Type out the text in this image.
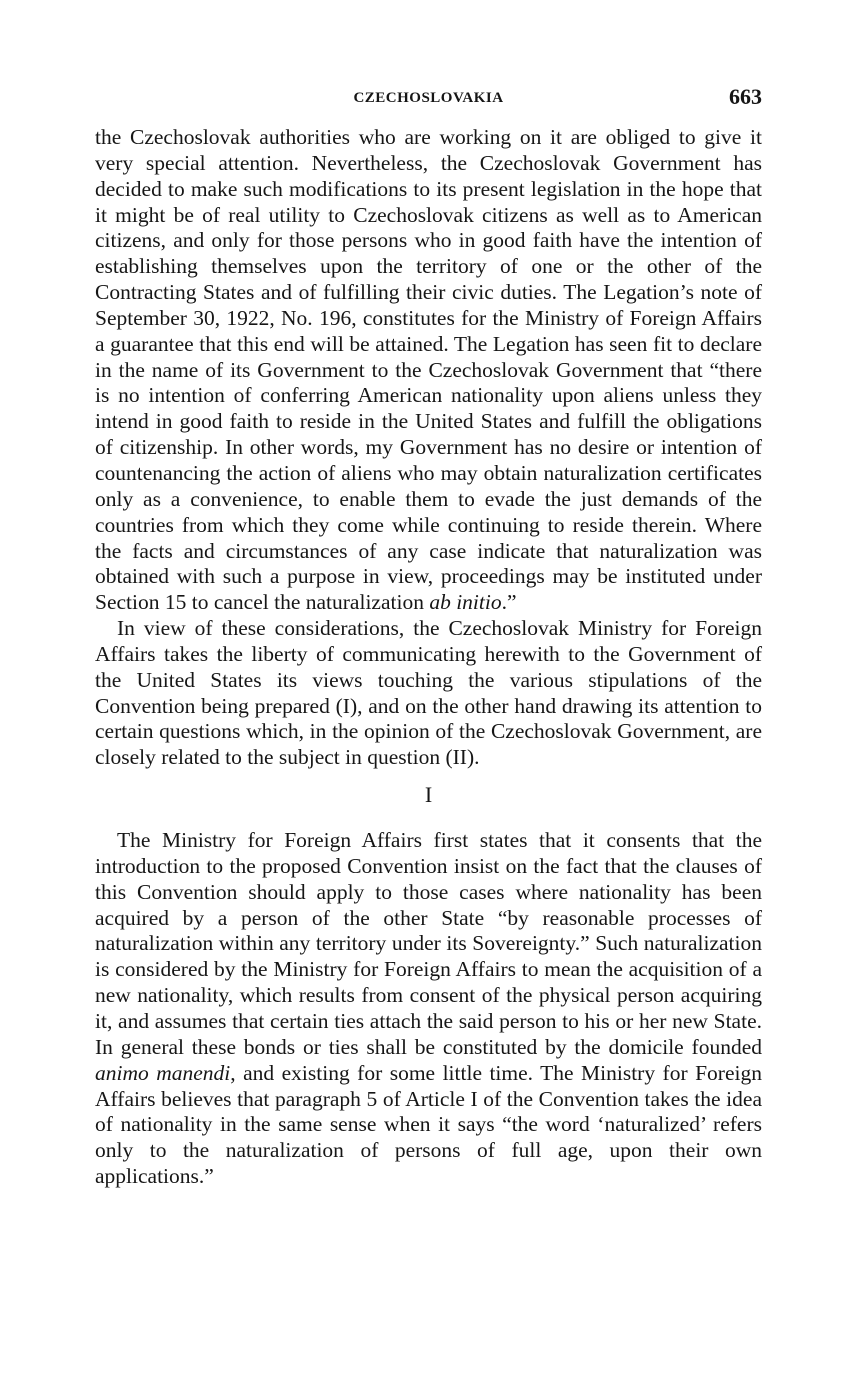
CZECHOSLOVAKIA	663

the Czechoslovak authorities who are working on it are obliged to give it very special attention. Nevertheless, the Czechoslovak Government has decided to make such modifications to its present legislation in the hope that it might be of real utility to Czechoslovak citizens as well as to American citizens, and only for those persons who in good faith have the intention of establishing themselves upon the territory of one or the other of the Contracting States and of fulfilling their civic duties. The Legation’s note of September 30, 1922, No. 196, constitutes for the Ministry of Foreign Affairs a guarantee that this end will be attained. The Legation has seen fit to declare in the name of its Government to the Czechoslovak Government that “there is no intention of conferring American nationality upon aliens unless they intend in good faith to reside in the United States and fulfill the obligations of citizenship. In other words, my Government has no desire or intention of countenancing the action of aliens who may obtain naturalization certificates only as a convenience, to enable them to evade the just demands of the countries from which they come while continuing to reside therein. Where the facts and circumstances of any case indicate that naturalization was obtained with such a purpose in view, proceedings may be instituted under Section 15 to cancel the naturalization ab initio.”

In view of these considerations, the Czechoslovak Ministry for Foreign Affairs takes the liberty of communicating herewith to the Government of the United States its views touching the various stipulations of the Convention being prepared (I), and on the other hand drawing its attention to certain questions which, in the opinion of the Czechoslovak Government, are closely related to the subject in question (II).

I

The Ministry for Foreign Affairs first states that it consents that the introduction to the proposed Convention insist on the fact that the clauses of this Convention should apply to those cases where nationality has been acquired by a person of the other State “by reasonable processes of naturalization within any territory under its Sovereignty.” Such naturalization is considered by the Ministry for Foreign Affairs to mean the acquisition of a new nationality, which results from consent of the physical person acquiring it, and assumes that certain ties attach the said person to his or her new State. In general these bonds or ties shall be constituted by the domicile founded animo manendi, and existing for some little time. The Ministry for Foreign Affairs believes that paragraph 5 of Article I of the Convention takes the idea of nationality in the same sense when it says “the word ‘naturalized’ refers only to the naturalization of persons of full age, upon their own applications.”
